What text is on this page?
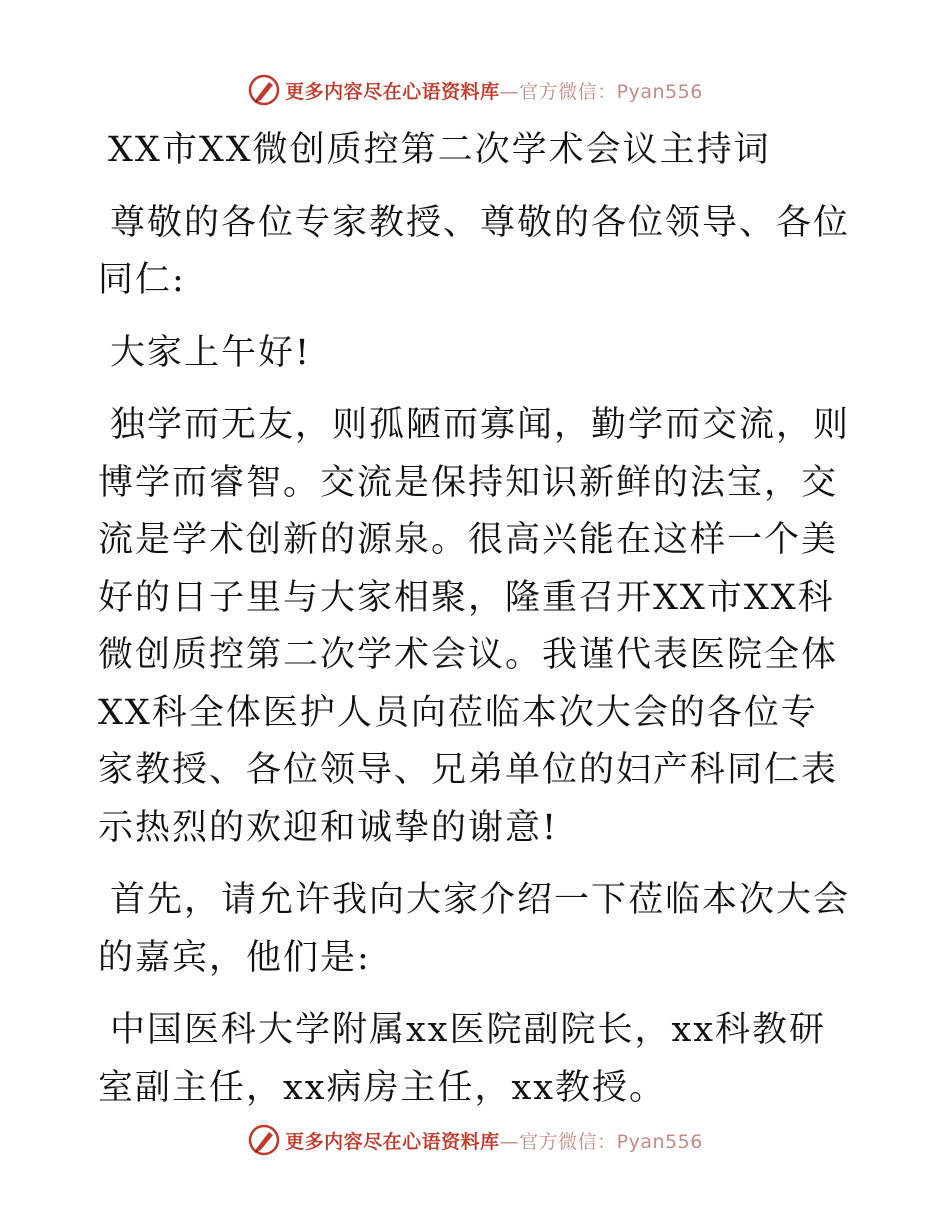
更多内容尽在心语资料库—官方微信：Pyan556

XX市XX微创质控第二次学术会议主持词

尊敬的各位专家教授、尊敬的各位领导、各位同仁:

大家上午好!

独学而无友，则孤陋而寡闻，勤学而交流，则博学而睿智。交流是保持知识新鲜的法宝，交流是学术创新的源泉。很高兴能在这样一个美好的日子里与大家相聚，隆重召开XX市XX科微创质控第二次学术会议。我谨代表医院全体XX科全体医护人员向莅临本次大会的各位专家教授、各位领导、兄弟单位的妇产科同仁表示热烈的欢迎和诚挚的谢意!

首先，请允许我向大家介绍一下莅临本次大会的嘉宾，他们是:

中国医科大学附属xx医院副院长，xx科教研室副主任，xx病房主任，xx教授。

更多内容尽在心语资料库—官方微信：Pyan556
